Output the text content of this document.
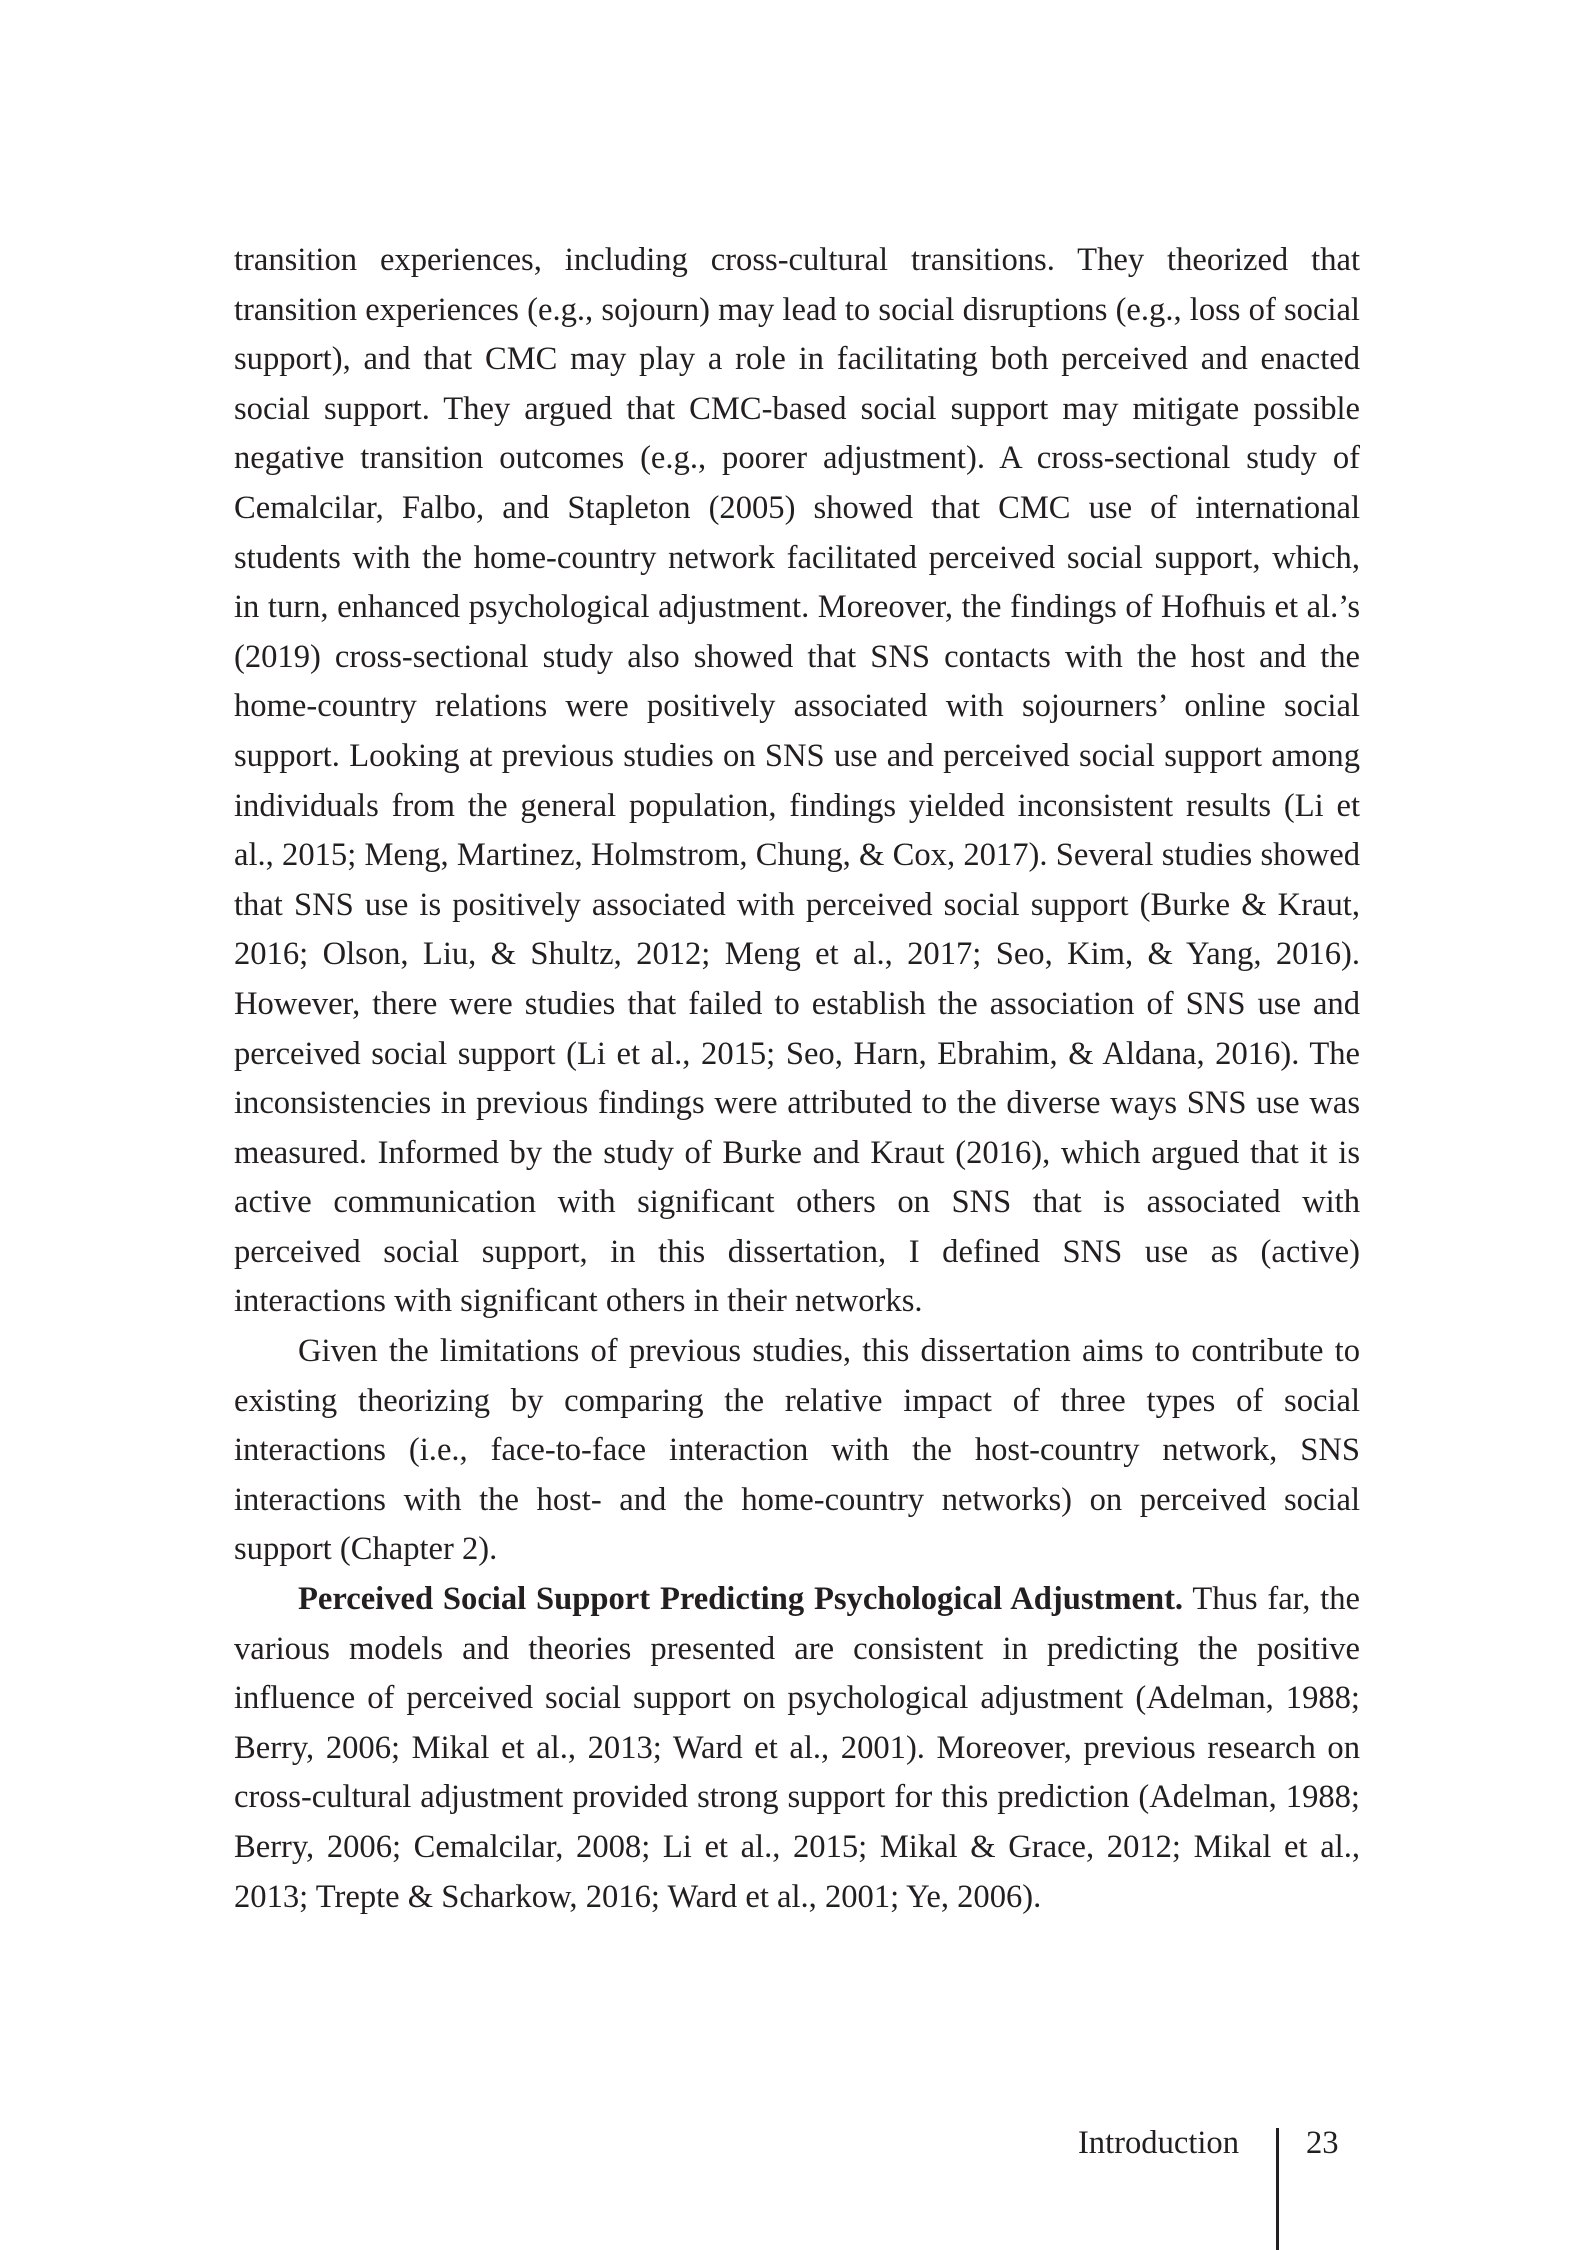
transition experiences, including cross-cultural transitions. They theorized that transition experiences (e.g., sojourn) may lead to social disruptions (e.g., loss of social support), and that CMC may play a role in facilitating both perceived and enacted social support. They argued that CMC-based social support may mitigate possible negative transition outcomes (e.g., poorer adjustment). A cross-sectional study of Cemalcilar, Falbo, and Stapleton (2005) showed that CMC use of international students with the home-country network facilitated perceived social support, which, in turn, enhanced psychological adjustment. Moreover, the findings of Hofhuis et al.’s (2019) cross-sectional study also showed that SNS contacts with the host and the home-country relations were positively associated with sojourners’ online social support. Looking at previous studies on SNS use and perceived social support among individuals from the general population, findings yielded inconsistent results (Li et al., 2015; Meng, Martinez, Holmstrom, Chung, & Cox, 2017). Several studies showed that SNS use is positively associated with perceived social support (Burke & Kraut, 2016; Olson, Liu, & Shultz, 2012; Meng et al., 2017; Seo, Kim, & Yang, 2016). However, there were studies that failed to establish the association of SNS use and perceived social support (Li et al., 2015; Seo, Harn, Ebrahim, & Aldana, 2016). The inconsistencies in previous findings were attributed to the diverse ways SNS use was measured. Informed by the study of Burke and Kraut (2016), which argued that it is active communication with significant others on SNS that is associated with perceived social support, in this dissertation, I defined SNS use as (active) interactions with significant others in their networks.

Given the limitations of previous studies, this dissertation aims to contribute to existing theorizing by comparing the relative impact of three types of social interactions (i.e., face-to-face interaction with the host-country network, SNS interactions with the host- and the home-country networks) on perceived social support (Chapter 2).

Perceived Social Support Predicting Psychological Adjustment. Thus far, the various models and theories presented are consistent in predicting the positive influence of perceived social support on psychological adjustment (Adelman, 1988; Berry, 2006; Mikal et al., 2013; Ward et al., 2001). Moreover, previous research on cross-cultural adjustment provided strong support for this prediction (Adelman, 1988; Berry, 2006; Cemalcilar, 2008; Li et al., 2015; Mikal & Grace, 2012; Mikal et al., 2013; Trepte & Scharkow, 2016; Ward et al., 2001; Ye, 2006).

Introduction 23
